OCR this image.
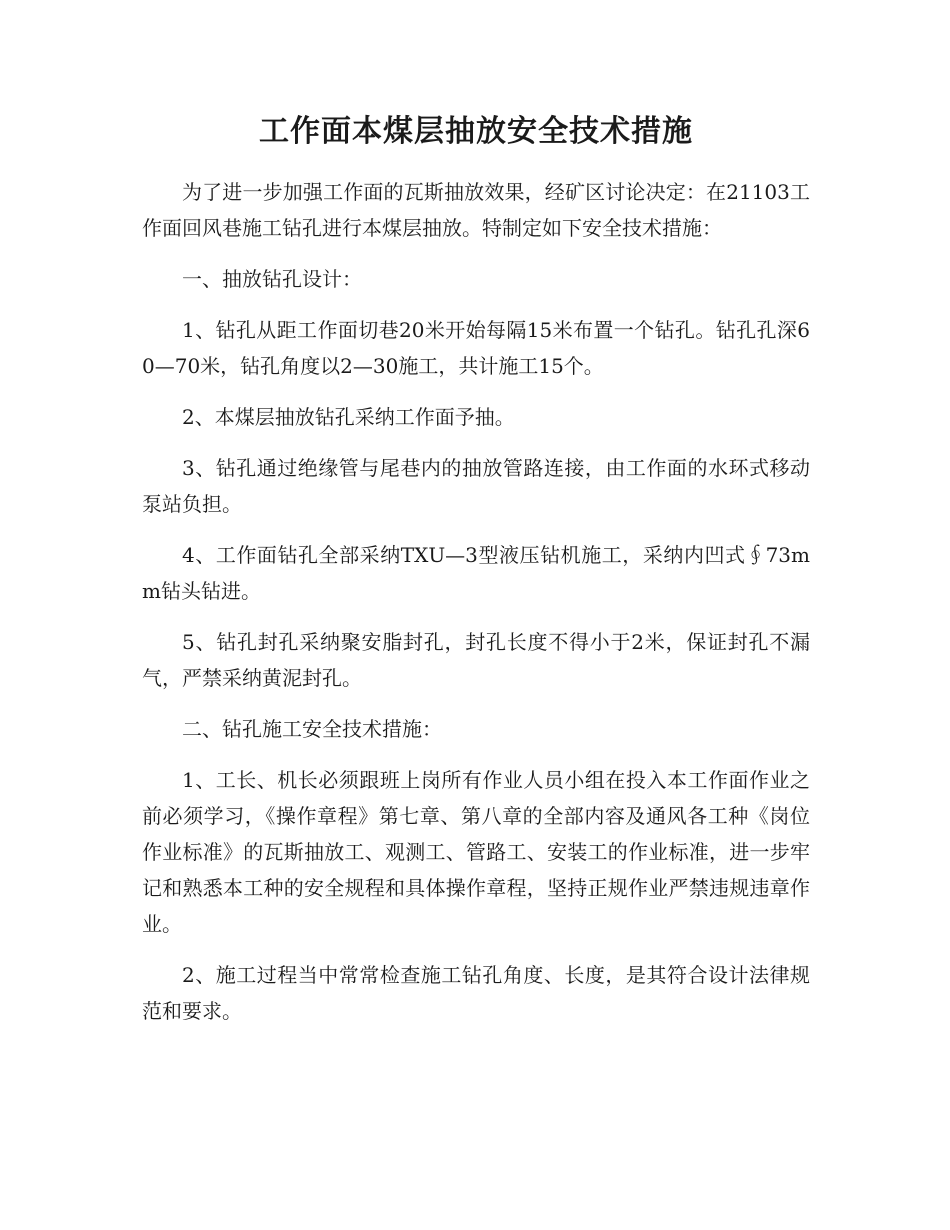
工作面本煤层抽放安全技术措施

为了进一步加强工作面的瓦斯抽放效果，经矿区讨论决定：在21103工作面回风巷施工钻孔进行本煤层抽放。特制定如下安全技术措施：

一、抽放钻孔设计：

1、钻孔从距工作面切巷20米开始每隔15米布置一个钻孔。钻孔孔深60—70米，钻孔角度以2—30施工，共计施工15个。

2、本煤层抽放钻孔采纳工作面予抽。

3、钻孔通过绝缘管与尾巷内的抽放管路连接，由工作面的水环式移动泵站负担。

4、工作面钻孔全部采纳TXU—3型液压钻机施工，采纳内凹式∮73mm钻头钻进。

5、钻孔封孔采纳聚安脂封孔，封孔长度不得小于2米，保证封孔不漏气，严禁采纳黄泥封孔。

二、钻孔施工安全技术措施：

1、工长、机长必须跟班上岗所有作业人员小组在投入本工作面作业之前必须学习，《操作章程》第七章、第八章的全部内容及通风各工种《岗位作业标准》的瓦斯抽放工、观测工、管路工、安装工的作业标准，进一步牢记和熟悉本工种的安全规程和具体操作章程，坚持正规作业严禁违规违章作业。

2、施工过程当中常常检查施工钻孔角度、长度，是其符合设计法律规范和要求。
